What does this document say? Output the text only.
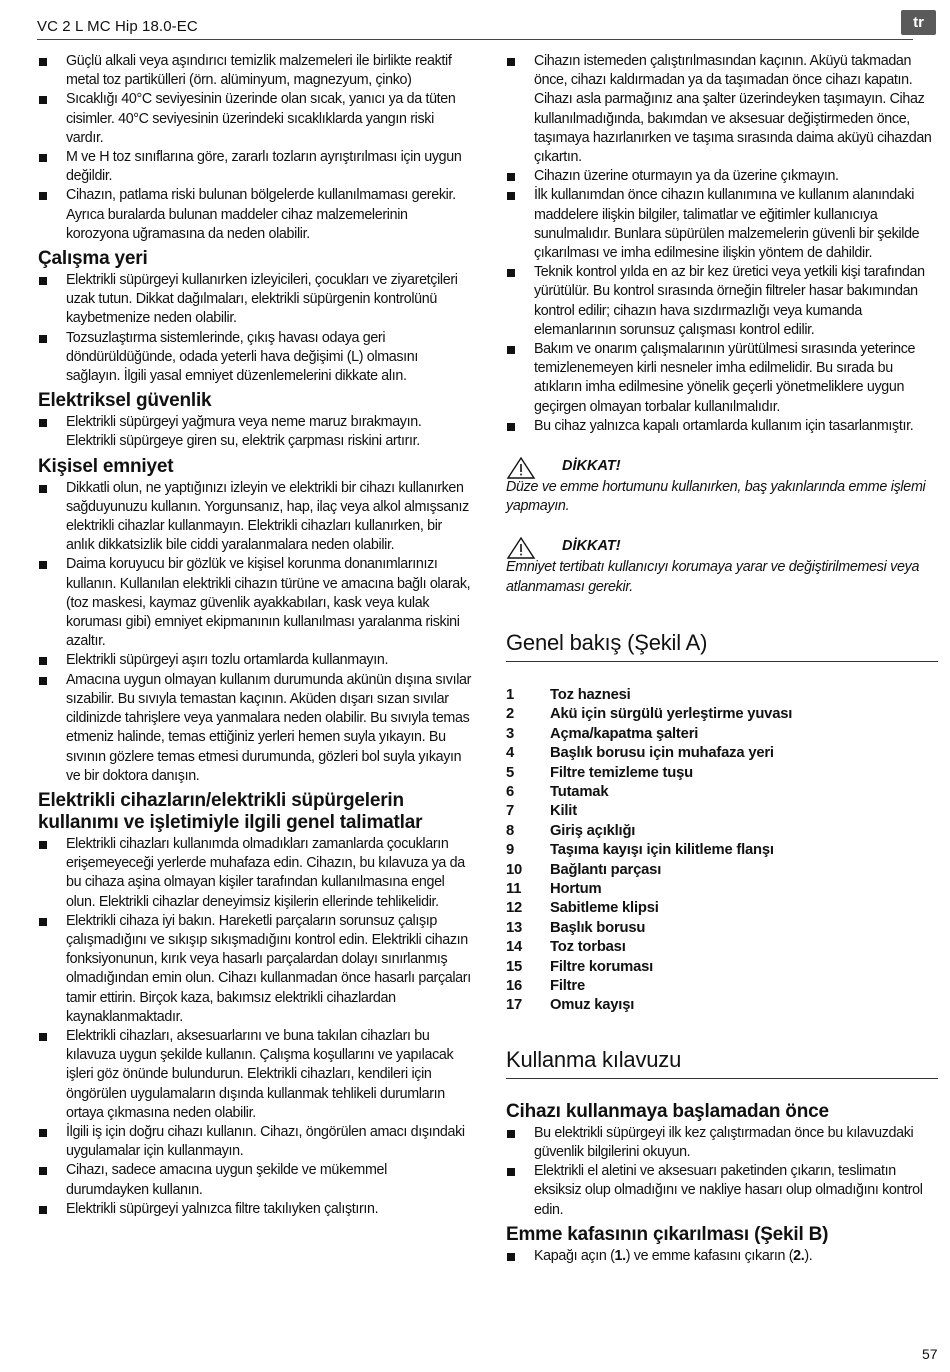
VC 2 L MC Hip 18.0-EC	tr
Güçlü alkali veya aşındırıcı temizlik malzemeleri ile birlikte reaktif metal toz partikülleri (örn. alüminyum, magnezyum, çinko)
Sıcaklığı 40°C seviyesinin üzerinde olan sıcak, yanıcı ya da tüten cisimler. 40°C seviyesinin üzerindeki sıcaklıklarda yangın riski vardır.
M ve H toz sınıflarına göre, zararlı tozların ayrıştırılması için uygun değildir.
Cihazın, patlama riski bulunan bölgelerde kullanılmaması gerekir. Ayrıca buralarda bulunan maddeler cihaz malzemelerinin korozyona uğramasına da neden olabilir.
Çalışma yeri
Elektrikli süpürgeyi kullanırken izleyicileri, çocukları ve ziyaretçileri uzak tutun. Dikkat dağılmaları, elektrikli süpürgenin kontrolünü kaybetmenize neden olabilir.
Tozsuzlaştırma sistemlerinde, çıkış havası odaya geri döndürüldüğünde, odada yeterli hava değişimi (L) olmasını sağlayın. İlgili yasal emniyet düzenlemelerini dikkate alın.
Elektriksel güvenlik
Elektrikli süpürgeyi yağmura veya neme maruz bırakmayın. Elektrikli süpürgeye giren su, elektrik çarpması riskini artırır.
Kişisel emniyet
Dikkatli olun, ne yaptığınızı izleyin ve elektrikli bir cihazı kullanırken sağduyunuzu kullanın. Yorgunsanız, hap, ilaç veya alkol almışsanız elektrikli cihazlar kullanmayın. Elektrikli cihazları kullanırken, bir anlık dikkatsizlik bile ciddi yaralanmalara neden olabilir.
Daima koruyucu bir gözlük ve kişisel korunma donanımlarınızı kullanın. Kullanılan elektrikli cihazın türüne ve amacına bağlı olarak, (toz maskesi, kaymaz güvenlik ayakkabıları, kask veya kulak koruması gibi) emniyet ekipmanının kullanılması yaralanma riskini azaltır.
Elektrikli süpürgeyi aşırı tozlu ortamlarda kullanmayın.
Amacına uygun olmayan kullanım durumunda akünün dışına sıvılar sızabilir. Bu sıvıyla temastan kaçının. Aküden dışarı sızan sıvılar cildinizde tahrişlere veya yanmalara neden olabilir. Bu sıvıyla temas etmeniz halinde, temas ettiğiniz yerleri hemen suyla yıkayın. Bu sıvının gözlere temas etmesi durumunda, gözleri bol suyla yıkayın ve bir doktora danışın.
Elektrikli cihazların/elektrikli süpürgelerin kullanımı ve işletimiyle ilgili genel talimatlar
Elektrikli cihazları kullanımda olmadıkları zamanlarda çocukların erişemeyeceği yerlerde muhafaza edin. Cihazın, bu kılavuza ya da bu cihaza aşina olmayan kişiler tarafından kullanılmasına engel olun. Elektrikli cihazlar deneyimsiz kişilerin ellerinde tehlikelidir.
Elektrikli cihaza iyi bakın. Hareketli parçaların sorunsuz çalışıp çalışmadığını ve sıkışıp sıkışmadığını kontrol edin. Elektrikli cihazın fonksiyonunun, kırık veya hasarlı parçalardan dolayı sınırlanmış olmadığından emin olun. Cihazı kullanmadan önce hasarlı parçaları tamir ettirin. Birçok kaza, bakımsız elektrikli cihazlardan kaynaklanmaktadır.
Elektrikli cihazları, aksesuarlarını ve buna takılan cihazları bu kılavuza uygun şekilde kullanın. Çalışma koşullarını ve yapılacak işleri göz önünde bulundurun. Elektrikli cihazları, kendileri için öngörülen uygulamaların dışında kullanmak tehlikeli durumların ortaya çıkmasına neden olabilir.
İlgili iş için doğru cihazı kullanın. Cihazı, öngörülen amacı dışındaki uygulamalar için kullanmayın.
Cihazı, sadece amacına uygun şekilde ve mükemmel durumdayken kullanın.
Elektrikli süpürgeyi yalnızca filtre takılıyken çalıştırın.
Cihazın istemeden çalıştırılmasından kaçının. Aküyü takmadan önce, cihazı kaldırmadan ya da taşımadan önce cihazı kapatın. Cihazı asla parmağınız ana şalter üzerindeyken taşımayın. Cihaz kullanılmadığında, bakımdan ve aksesuar değiştirmeden önce, taşımaya hazırlanırken ve taşıma sırasında daima aküyü cihazdan çıkartın.
Cihazın üzerine oturmayın ya da üzerine çıkmayın.
İlk kullanımdan önce cihazın kullanımına ve kullanım alanındaki maddelere ilişkin bilgiler, talimatlar ve eğitimler kullanıcıya sunulmalıdır. Bunlara süpürülen malzemelerin güvenli bir şekilde çıkarılması ve imha edilmesine ilişkin yöntem de dahildir.
Teknik kontrol yılda en az bir kez üretici veya yetkili kişi tarafından yürütülür. Bu kontrol sırasında örneğin filtreler hasar bakımından kontrol edilir; cihazın hava sızdırmazlığı veya kumanda elemanlarının sorunsuz çalışması kontrol edilir.
Bakım ve onarım çalışmalarının yürütülmesi sırasında yeterince temizlenemeyen kirli nesneler imha edilmelidir. Bu sırada bu atıkların imha edilmesine yönelik geçerli yönetmeliklere uygun geçirgen olmayan torbalar kullanılmalıdır.
Bu cihaz yalnızca kapalı ortamlarda kullanım için tasarlanmıştır.
DİKKAT!
Düze ve emme hortumunu kullanırken, baş yakınlarında emme işlemi yapmayın.
DİKKAT!
Emniyet tertibatı kullanıcıyı korumaya yarar ve değiştirilmemesi veya atlanmaması gerekir.
Genel bakış (Şekil A)
1	Toz haznesi
2	Akü için sürgülü yerleştirme yuvası
3	Açma/kapatma şalteri
4	Başlık borusu için muhafaza yeri
5	Filtre temizleme tuşu
6	Tutamak
7	Kilit
8	Giriş açıklığı
9	Taşıma kayışı için kilitleme flanşı
10	Bağlantı parçası
11	Hortum
12	Sabitleme klipsi
13	Başlık borusu
14	Toz torbası
15	Filtre koruması
16	Filtre
17	Omuz kayışı
Kullanma kılavuzu
Cihazı kullanmaya başlamadan önce
Bu elektrikli süpürgeyi ilk kez çalıştırmadan önce bu kılavuzdaki güvenlik bilgilerini okuyun.
Elektrikli el aletini ve aksesuarı paketinden çıkarın, teslimatın eksiksiz olup olmadığını ve nakliye hasarı olup olmadığını kontrol edin.
Emme kafasının çıkarılması (Şekil B)
Kapağı açın (1.) ve emme kafasını çıkarın (2.).
57
